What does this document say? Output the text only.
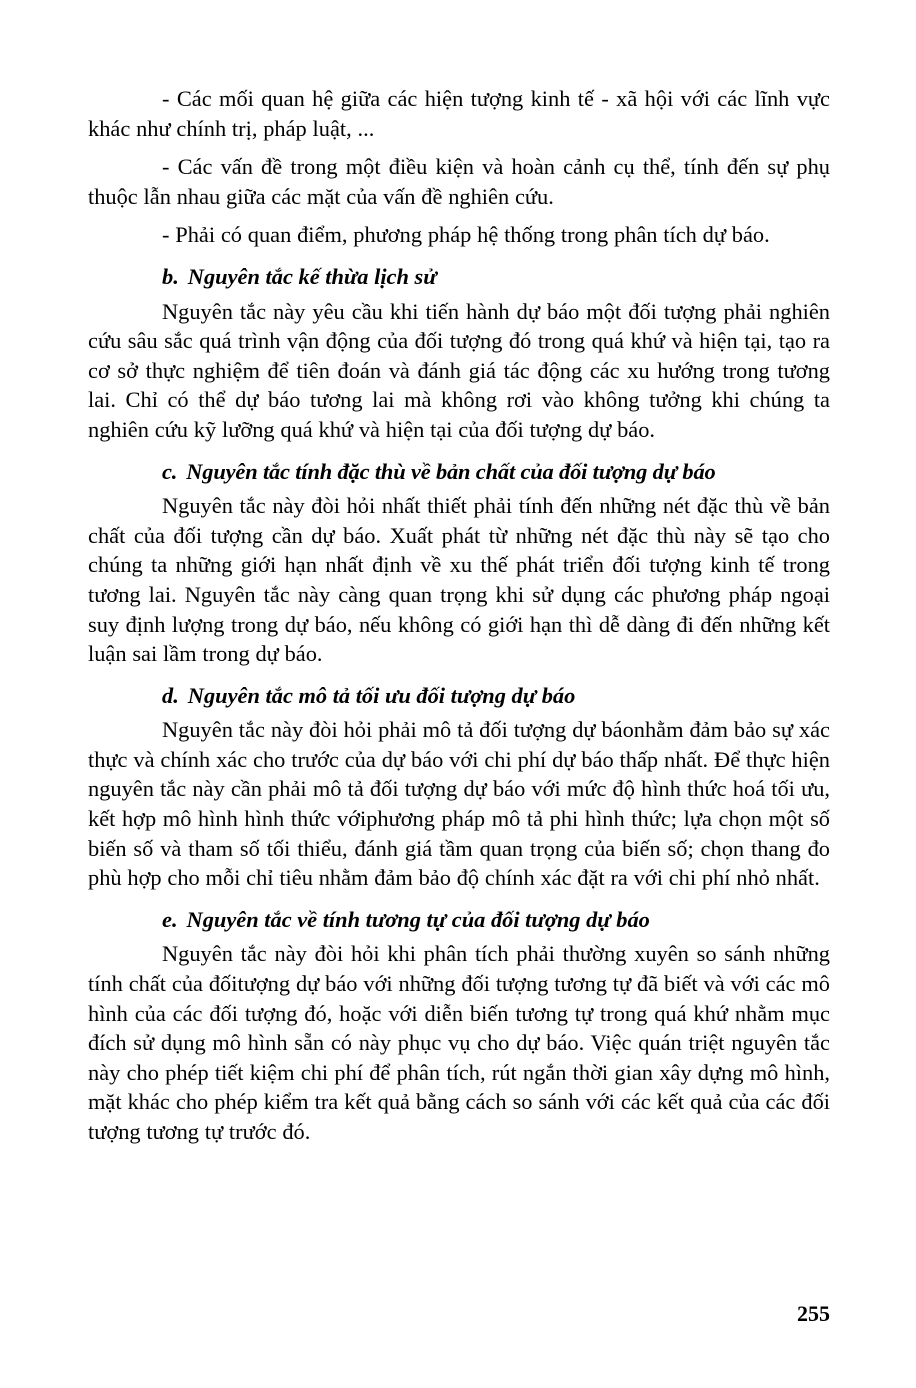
- Các mối quan hệ giữa các hiện tượng kinh tế - xã hội với các lĩnh vực khác như chính trị, pháp luật, ...

- Các vấn đề trong một điều kiện và hoàn cảnh cụ thể, tính đến sự phụ thuộc lẫn nhau giữa các mặt của vấn đề nghiên cứu.

- Phải có quan điểm, phương pháp hệ thống trong phân tích dự báo.

b. Nguyên tắc kế thừa lịch sử

Nguyên tắc này yêu cầu khi tiến hành dự báo một đối tượng phải nghiên cứu sâu sắc quá trình vận động của đối tượng đó trong quá khứ và hiện tại, tạo ra cơ sở thực nghiệm để tiên đoán và đánh giá tác động các xu hướng trong tương lai. Chỉ có thể dự báo tương lai mà không rơi vào không tưởng khi chúng ta nghiên cứu kỹ lưỡng quá khứ và hiện tại của đối tượng dự báo.

c. Nguyên tắc tính đặc thù về bản chất của đối tượng dự báo

Nguyên tắc này đòi hỏi nhất thiết phải tính đến những nét đặc thù về bản chất của đối tượng cần dự báo. Xuất phát từ những nét đặc thù này sẽ tạo cho chúng ta những giới hạn nhất định về xu thế phát triển đối tượng kinh tế trong tương lai. Nguyên tắc này càng quan trọng khi sử dụng các phương pháp ngoại suy định lượng trong dự báo, nếu không có giới hạn thì dễ dàng đi đến những kết luận sai lầm trong dự báo.

d. Nguyên tắc mô tả tối ưu đối tượng dự báo

Nguyên tắc này đòi hỏi phải mô tả đối tượng dự báonhằm đảm bảo sự xác thực và chính xác cho trước của dự báo với chi phí dự báo thấp nhất. Để thực hiện nguyên tắc này cần phải mô tả đối tượng dự báo với mức độ hình thức hoá tối ưu, kết hợp mô hình hình thức vớiphương pháp mô tả phi hình thức; lựa chọn một số biến số và tham số tối thiểu, đánh giá tầm quan trọng của biến số; chọn thang đo phù hợp cho mỗi chỉ tiêu nhằm đảm bảo độ chính xác đặt ra với chi phí nhỏ nhất.

e. Nguyên tắc về tính tương tự của đối tượng dự báo

Nguyên tắc này đòi hỏi khi phân tích phải thường xuyên so sánh những tính chất của đốitượng dự báo với những đối tượng tương tự đã biết và với các mô hình của các đối tượng đó, hoặc với diễn biến tương tự trong quá khứ nhằm mục đích sử dụng mô hình sẵn có này phục vụ cho dự báo. Việc quán triệt nguyên tắc này cho phép tiết kiệm chi phí để phân tích, rút ngắn thời gian xây dựng mô hình, mặt khác cho phép kiểm tra kết quả bằng cách so sánh với các kết quả của các đối tượng tương tự trước đó.

255
